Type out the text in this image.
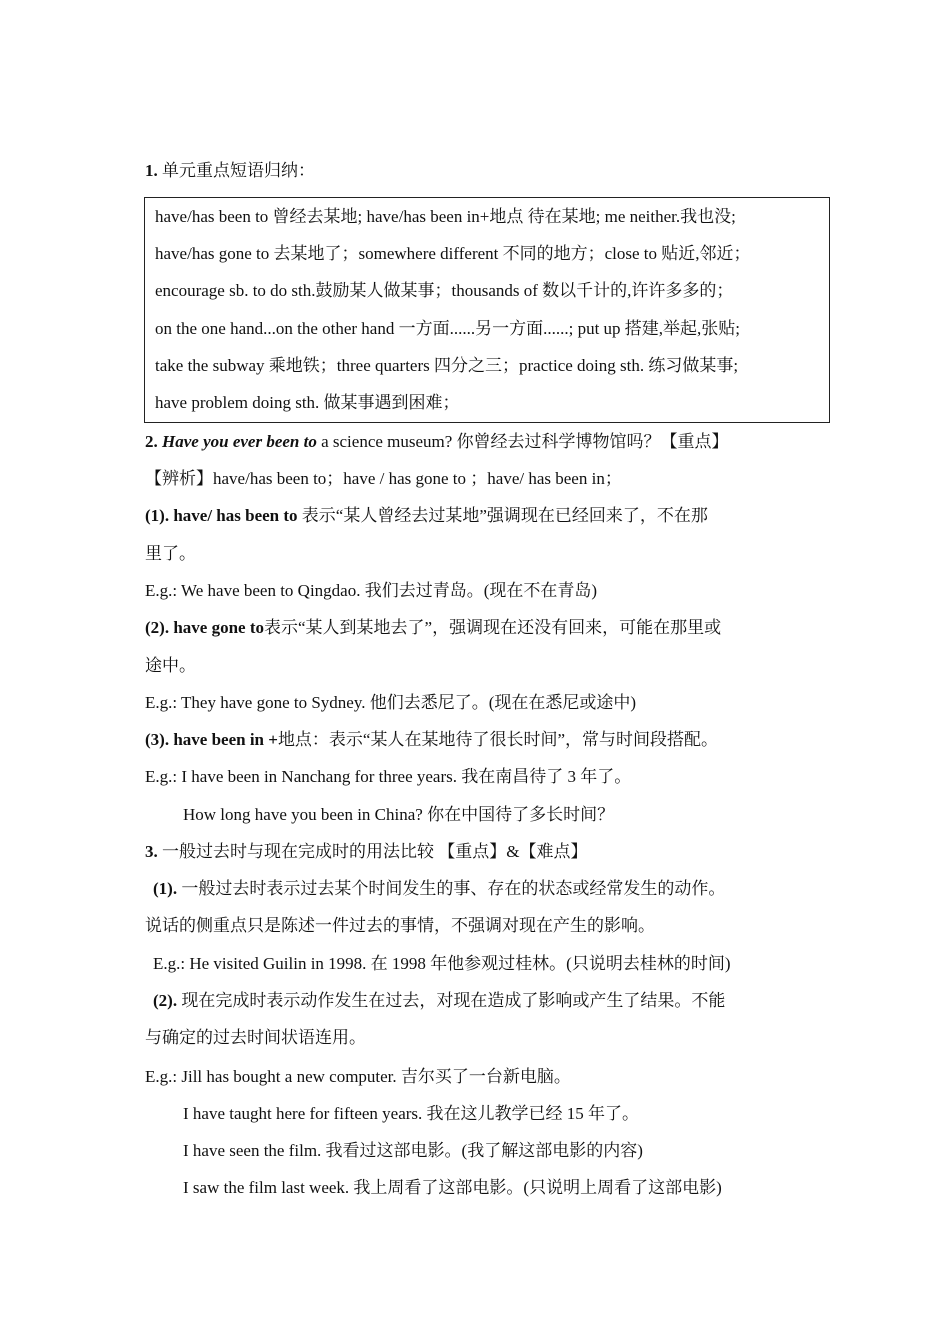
1. 单元重点短语归纳：
have/has been to 曾经去某地; have/has been in+地点 待在某地; me neither.我也没;
have/has gone to 去某地了；somewhere different 不同的地方；close to 贴近,邻近；
encourage sb. to do sth.鼓励某人做某事；thousands of 数以千计的,许许多多的；
on the one hand...on the other hand 一方面......另一方面......; put up 搭建,举起,张贴;
take the subway 乘地铁；three quarters 四分之三；practice doing sth. 练习做某事;
have problem doing sth. 做某事遇到困难；
2. Have you ever been to a science museum? 你曾经去过科学博物馆吗？【重点】
【辨析】have/has been to；have / has gone to ；have/ has been in；
(1). have/ has been to 表示“某人曾经去过某地”强调现在已经回来了，不在那
里了。
E.g.: We have been to Qingdao. 我们去过青岛。(现在不在青岛)
(2). have gone to表示“某人到某地去了”，强调现在还没有回来，可能在那里或
途中。
E.g.: They have gone to Sydney. 他们去悉尼了。(现在在悉尼或途中)
(3). have been in +地点：表示“某人在某地待了很长时间”，常与时间段搭配。
E.g.: I have been in Nanchang for three years. 我在南昌待了 3 年了。
How long have you been in China? 你在中国待了多长时间？
3. 一般过去时与现在完成时的用法比较 【重点】&【难点】
(1). 一般过去时表示过去某个时间发生的事、存在的状态或经常发生的动作。
说话的侧重点只是陈述一件过去的事情，不强调对现在产生的影响。
E.g.: He visited Guilin in 1998. 在 1998 年他参观过桂林。(只说明去桂林的时间)
(2). 现在完成时表示动作发生在过去，对现在造成了影响或产生了结果。不能
与确定的过去时间状语连用。
E.g.: Jill has bought a new computer. 吉尔买了一台新电脑。
I have taught here for fifteen years. 我在这儿教学已经 15 年了。
I have seen the film. 我看过这部电影。(我了解这部电影的内容)
I saw the film last week. 我上周看了这部电影。(只说明上周看了这部电影)
